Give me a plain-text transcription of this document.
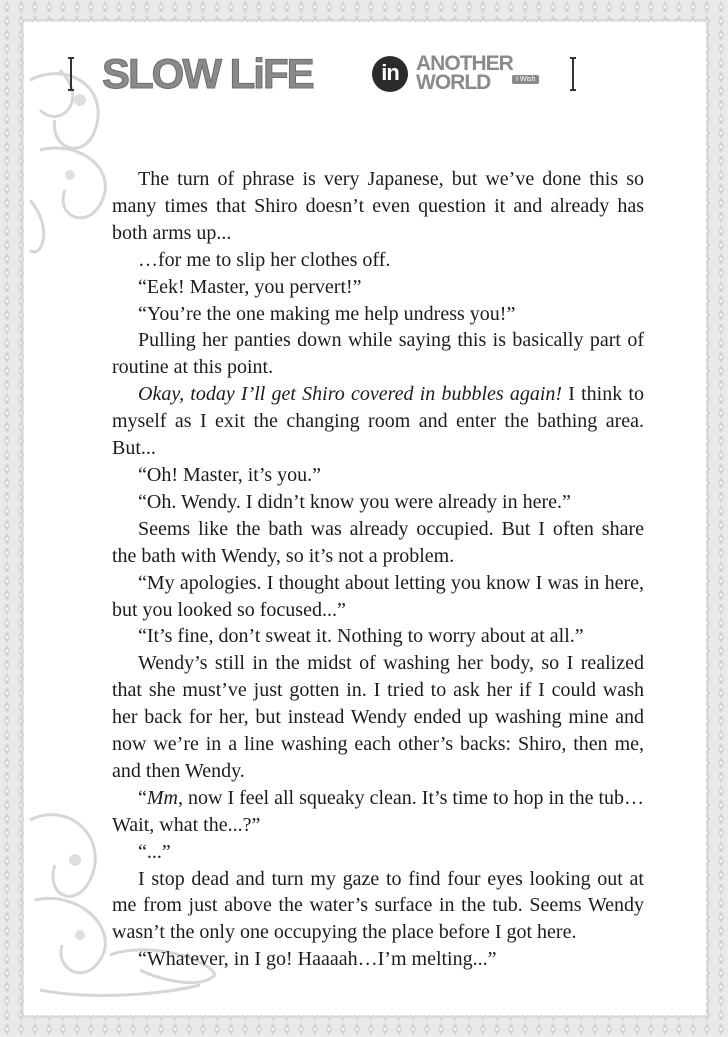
SLOW LiFE	in ANOTHER
WORLD	I Wish

The turn of phrase is very Japanese, but we’ve done this so many times that Shiro doesn’t even question it and already has both arms up...

…for me to slip her clothes off.

“Eek! Master, you pervert!”

“You’re the one making me help undress you!”

Pulling her panties down while saying this is basically part of routine at this point.

Okay, today I’ll get Shiro covered in bubbles again! I think to myself as I exit the changing room and enter the bathing area. But...

“Oh! Master, it’s you.”

“Oh. Wendy. I didn’t know you were already in here.”

Seems like the bath was already occupied. But I often share the bath with Wendy, so it’s not a problem.

“My apologies. I thought about letting you know I was in here, but you looked so focused...”

“It’s fine, don’t sweat it. Nothing to worry about at all.”

Wendy’s still in the midst of washing her body, so I realized that she must’ve just gotten in. I tried to ask her if I could wash her back for her, but instead Wendy ended up washing mine and now we’re in a line washing each other’s backs: Shiro, then me, and then Wendy.

“Mm, now I feel all squeaky clean. It’s time to hop in the tub… Wait, what the...?”

“...”

I stop dead and turn my gaze to find four eyes looking out at me from just above the water’s surface in the tub. Seems Wendy wasn’t the only one occupying the place before I got here.

“Whatever, in I go! Haaaah…I’m melting...”
